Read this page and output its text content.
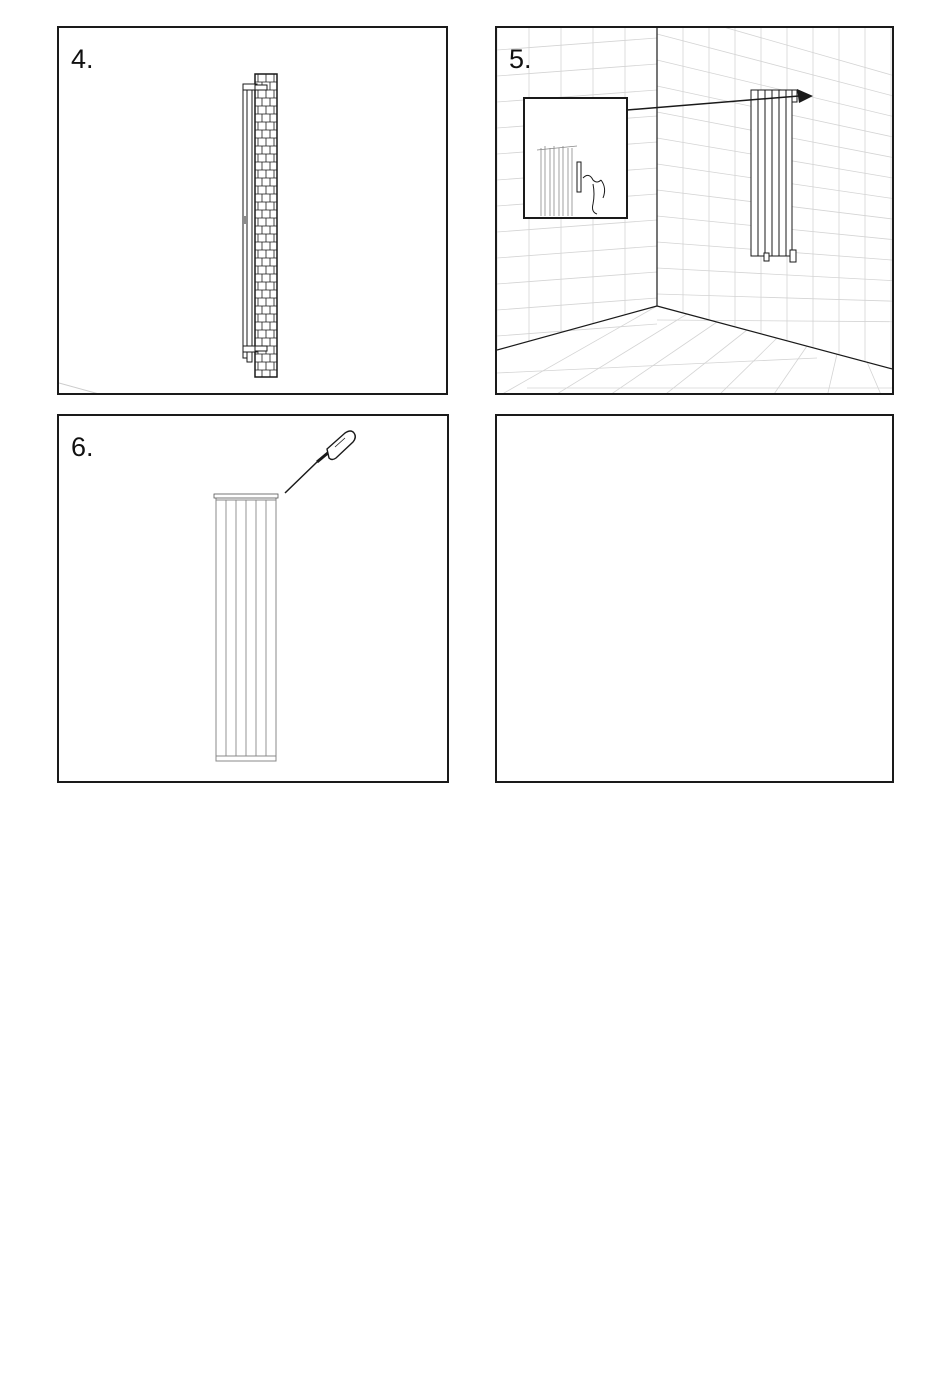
4.	5.
6.
